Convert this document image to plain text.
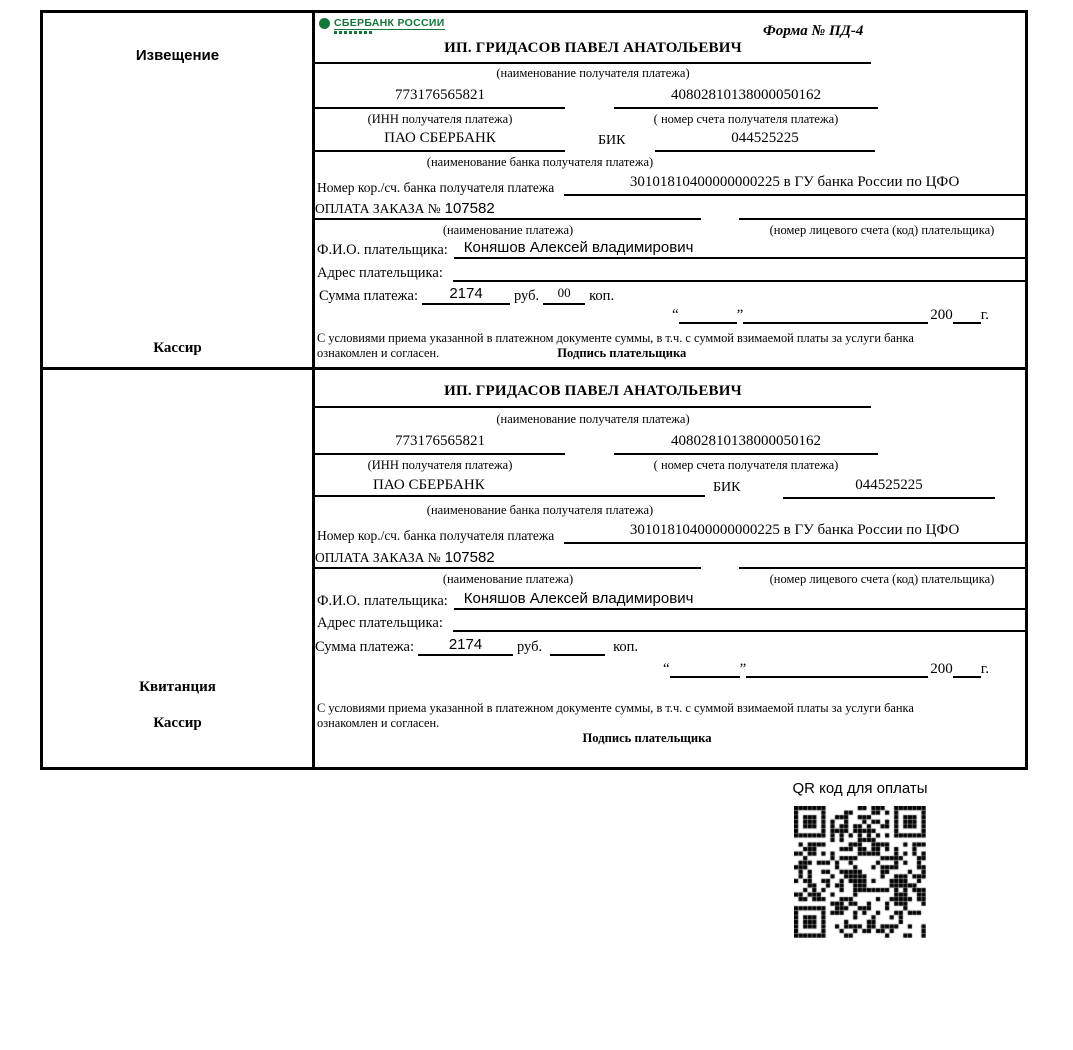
Извещение
Кассир
СБЕРБАНК РОССИИ	Форма № ПД-4
ИП. ГРИДАСОВ ПАВЕЛ АНАТОЛЬЕВИЧ
(наименование получателя платежа)
773176565821	40802810138000050162
(ИНН получателя платежа)	( номер счета получателя платежа)
ПАО СБЕРБАНК	БИК	044525225
(наименование банка получателя платежа)
Номер кор./сч. банка получателя платежа	30101810400000000225 в ГУ банка России по ЦФО
ОПЛАТА ЗАКАЗА № 107582
(наименование платежа)	(номер лицевого счета (код) плательщика)
Ф.И.О. плательщика:	Коняшов Алексей владимирович
Адрес плательщика:
Сумма платежа:	2174	руб.	00	коп.
“	”	200 г.
С условиями приема указанной в платежном документе суммы, в т.ч. с суммой взимаемой платы за услуги банка
ознакомлен и согласен.	Подпись плательщика
Квитанция
Кассир
ИП. ГРИДАСОВ ПАВЕЛ АНАТОЛЬЕВИЧ
(наименование получателя платежа)
773176565821	40802810138000050162
(ИНН получателя платежа)	( номер счета получателя платежа)
ПАО СБЕРБАНК	БИК	044525225
(наименование банка получателя платежа)
Номер кор./сч. банка получателя платежа	30101810400000000225 в ГУ банка России по ЦФО
ОПЛАТА ЗАКАЗА № 107582
(наименование платежа)	(номер лицевого счета (код) плательщика)
Ф.И.О. плательщика:	Коняшов Алексей владимирович
Адрес плательщика:
Сумма платежа:	2174	руб.	коп.
“	”	200 г.
С условиями приема указанной в платежном документе суммы, в т.ч. с суммой взимаемой платы за услуги банка
ознакомлен и согласен.
Подпись плательщика
QR код для оплаты
